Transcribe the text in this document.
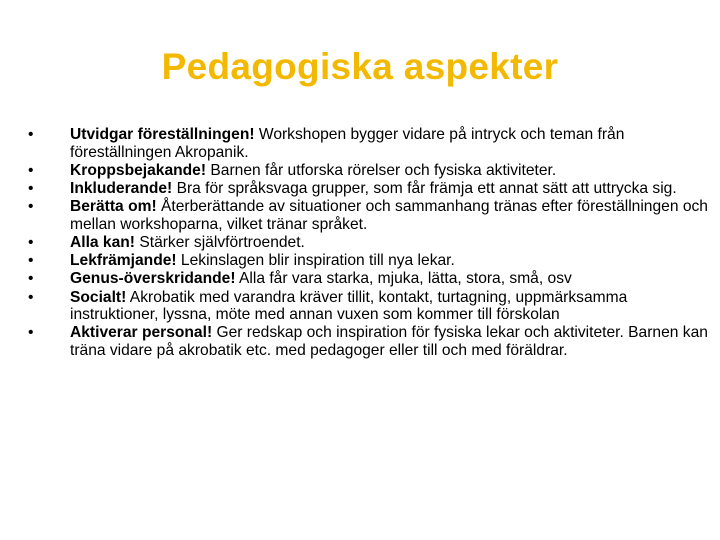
Pedagogiska aspekter
• Utvidgar föreställningen! Workshopen bygger vidare på intryck och teman från föreställningen Akropanik.
• Kroppsbejakande! Barnen får utforska rörelser och fysiska aktiviteter.
• Inkluderande! Bra för språksvaga grupper, som får främja ett annat sätt att uttrycka sig.
• Berätta om! Återberättande av situationer och sammanhang tränas efter föreställningen och mellan workshoparna, vilket tränar språket.
• Alla kan! Stärker självförtroendet.
• Lekfrämjande! Lekinslagen blir inspiration till nya lekar.
• Genus-överskridande! Alla får vara starka, mjuka, lätta, stora, små, osv
• Socialt! Akrobatik med varandra kräver tillit, kontakt, turtagning, uppmärksamma instruktioner, lyssna, möte med annan vuxen som kommer till förskolan
• Aktiverar personal! Ger redskap och inspiration för fysiska lekar och aktiviteter. Barnen kan träna vidare på akrobatik etc. med pedagoger eller till och med föräldrar.
